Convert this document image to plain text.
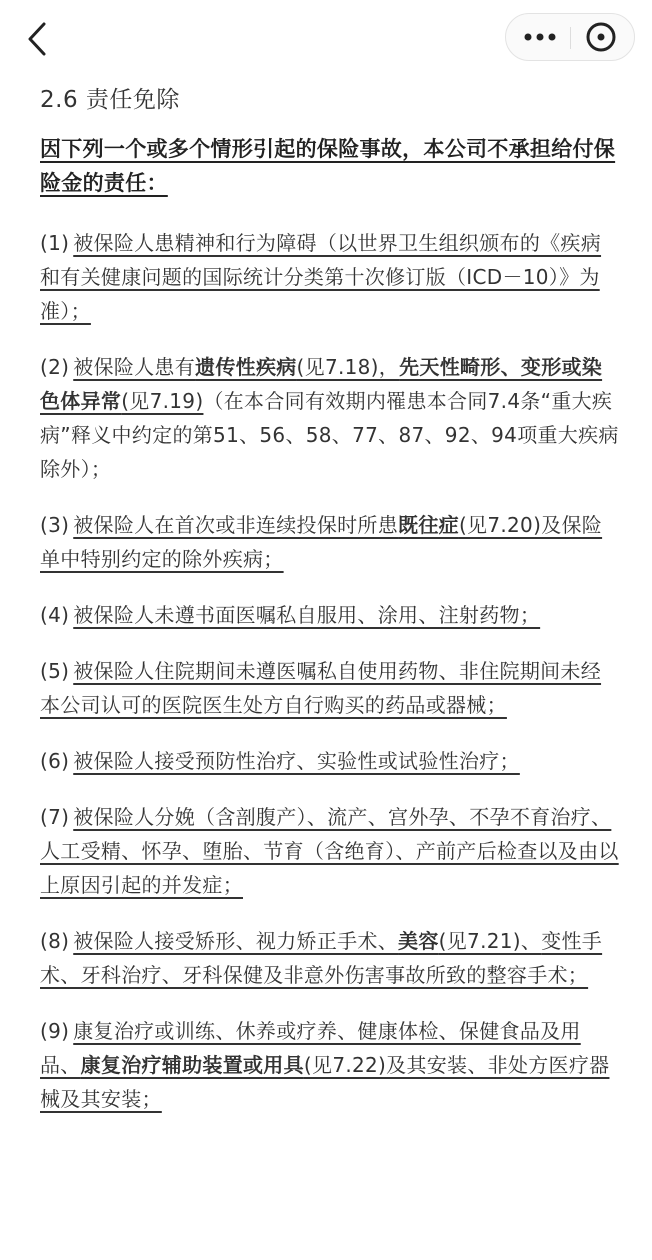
2.6 责任免除

因下列一个或多个情形引起的保险事故，本公司不承担给付保险金的责任：

(1) 被保险人患精神和行为障碍（以世界卫生组织颁布的《疾病和有关健康问题的国际统计分类第十次修订版（ICD－10）》为准）；

(2) 被保险人患有遗传性疾病(见7.18)，先天性畸形、变形或染色体异常(见7.19)（在本合同有效期内罹患本合同7.4条“重大疾病”释义中约定的第51、56、58、77、87、92、94项重大疾病除外）；

(3) 被保险人在首次或非连续投保时所患既往症(见7.20)及保险单中特别约定的除外疾病；

(4) 被保险人未遵书面医嘱私自服用、涂用、注射药物；

(5) 被保险人住院期间未遵医嘱私自使用药物、非住院期间未经本公司认可的医院医生处方自行购买的药品或器械；

(6) 被保险人接受预防性治疗、实验性或试验性治疗；

(7) 被保险人分娩（含剖腹产）、流产、宫外孕、不孕不育治疗、人工受精、怀孕、堕胎、节育（含绝育）、产前产后检查以及由以上原因引起的并发症；

(8) 被保险人接受矫形、视力矫正手术、美容(见7.21)、变性手术、牙科治疗、牙科保健及非意外伤害事故所致的整容手术；

(9) 康复治疗或训练、休养或疗养、健康体检、保健食品及用品、康复治疗辅助装置或用具(见7.22)及其安装、非处方医疗器械及其安装；
